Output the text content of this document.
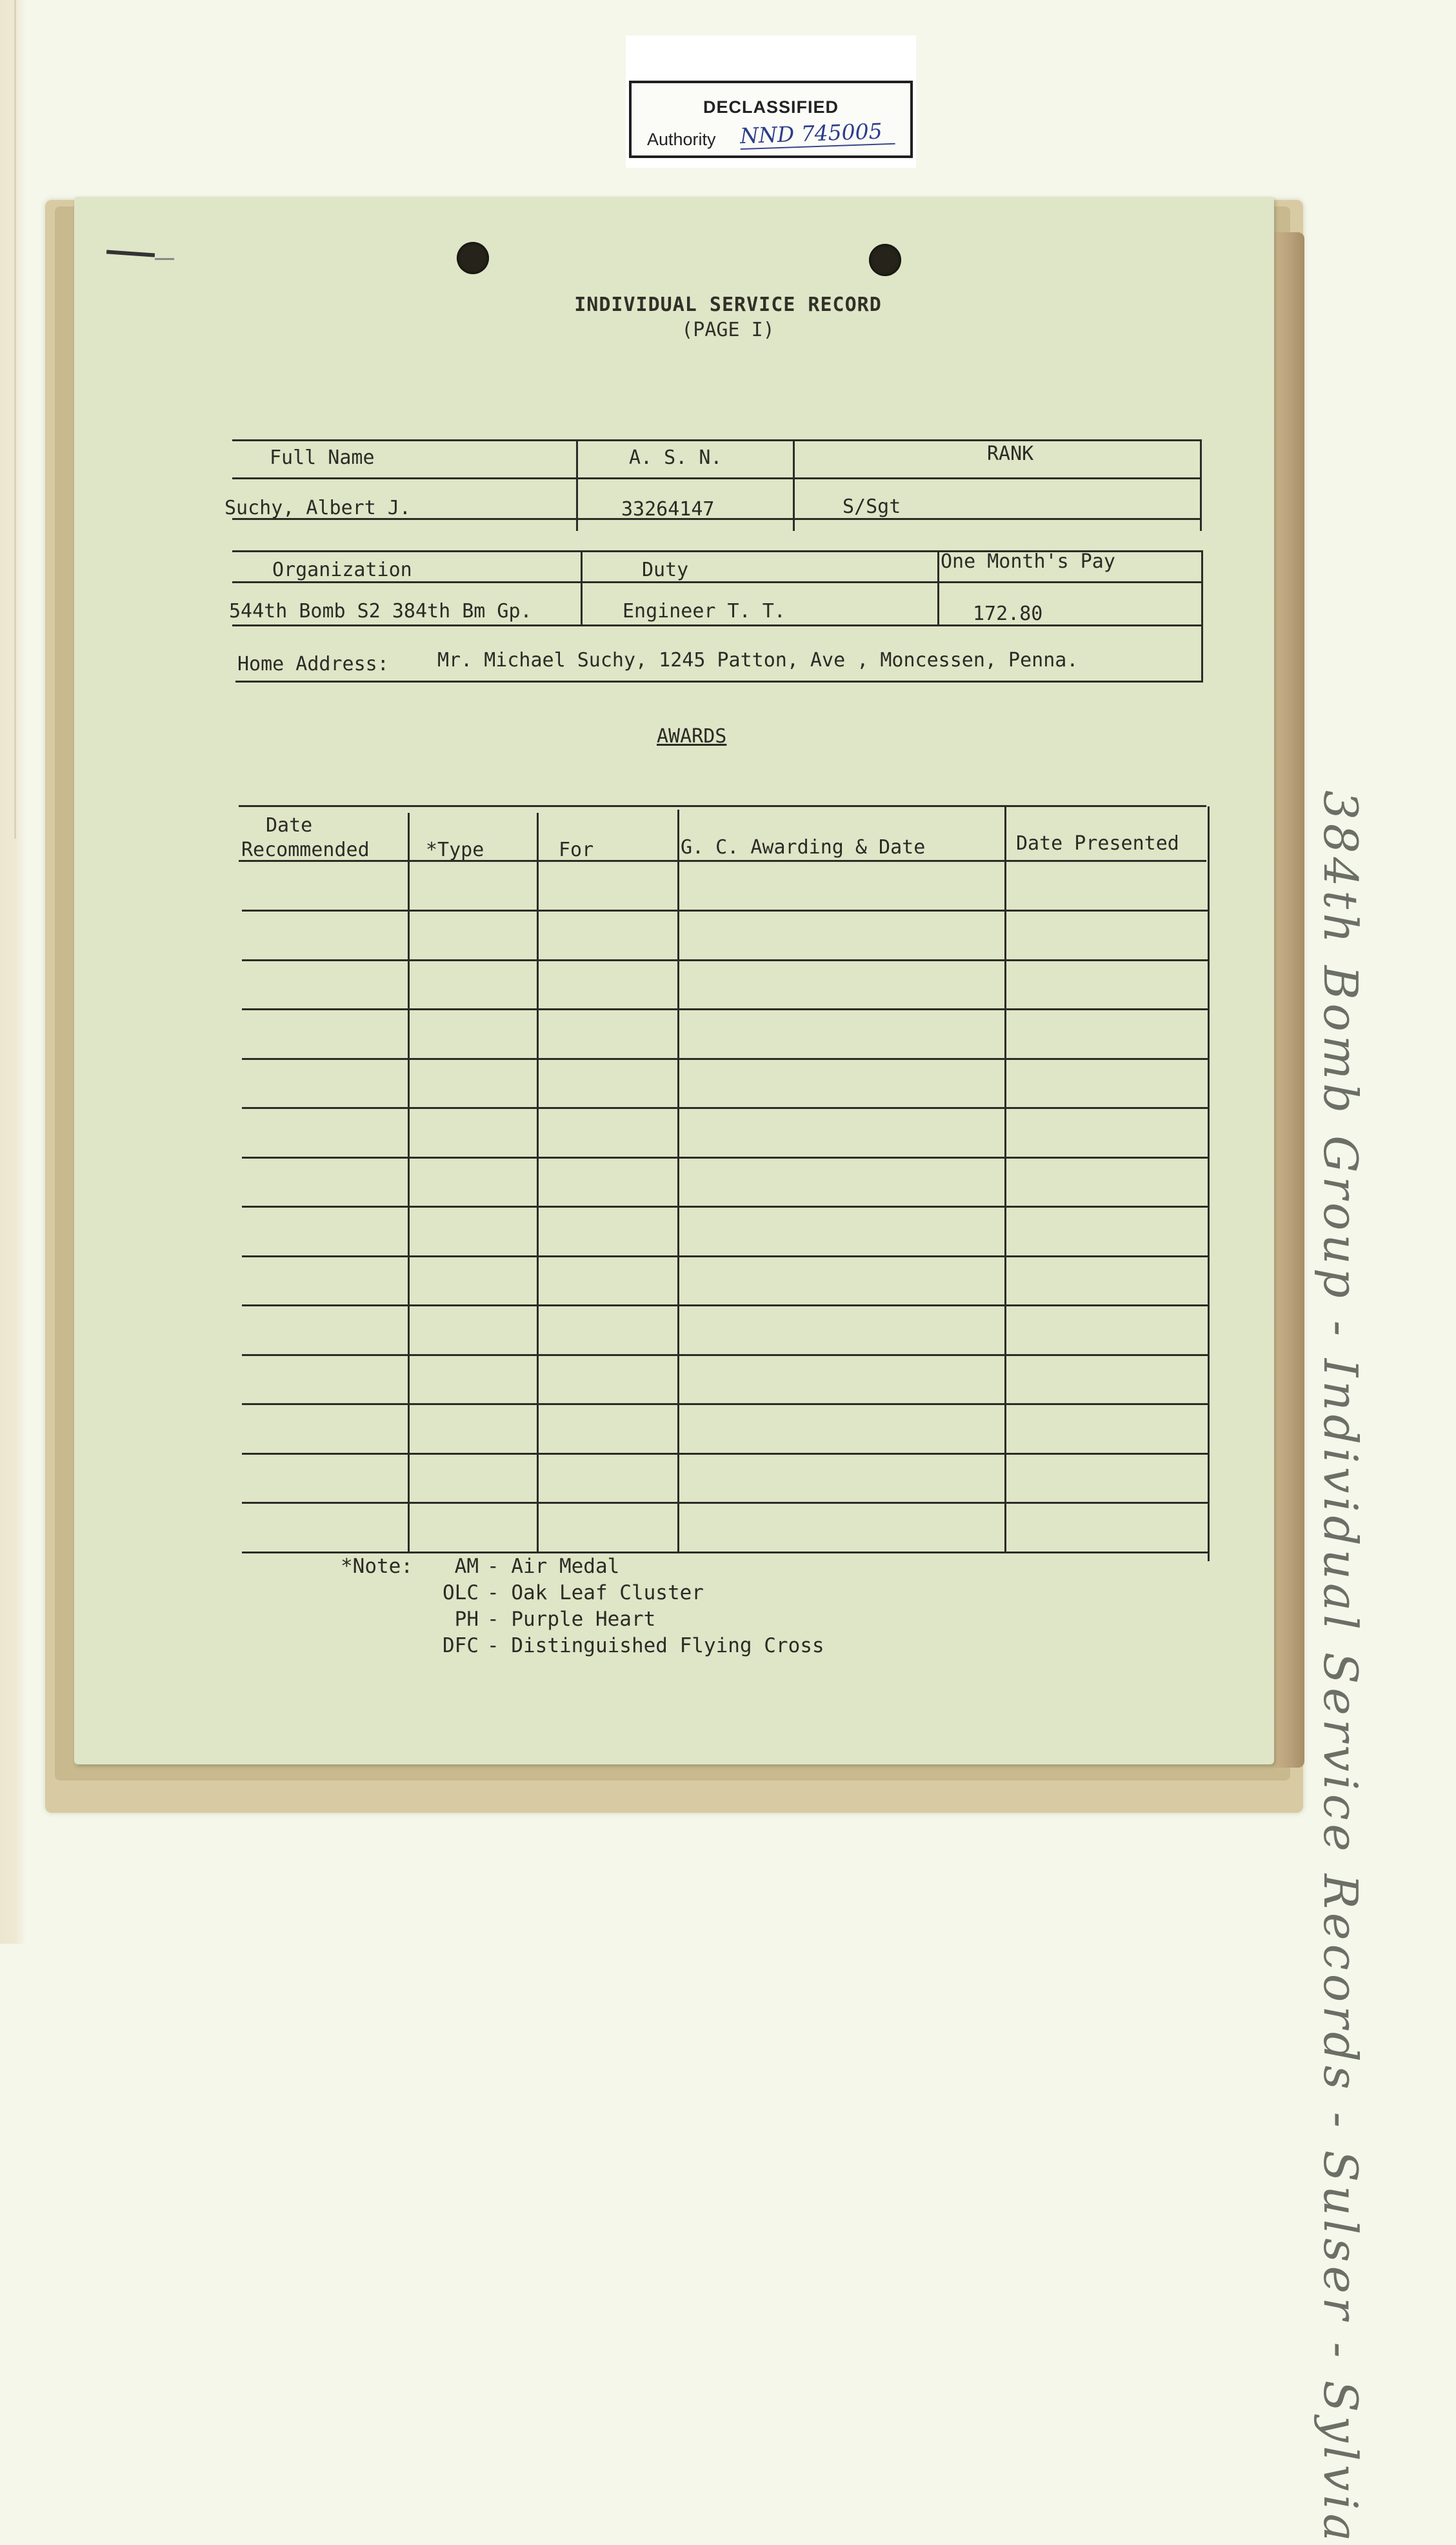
DECLASSIFIED
Authority NND 745005
384th Bomb Group - Individual Service Records - Sulser - Sylvia
INDIVIDUAL SERVICE RECORD
(PAGE I)
Full Name	A. S. N.	RANK
Suchy, Albert J.	33264147	S/Sgt
Organization	Duty	One Month's Pay
544th Bomb S2 384th Bm Gp.	Engineer T. T.	172.80
Home Address:	Mr. Michael Suchy, 1245 Patton, Ave , Moncessen, Penna.
AWARDS
Date
Recommended	*Type	For	G. C. Awarding & Date	Date Presented
*Note:	AM - Air Medal
OLC - Oak Leaf Cluster
PH - Purple Heart
DFC - Distinguished Flying Cross
